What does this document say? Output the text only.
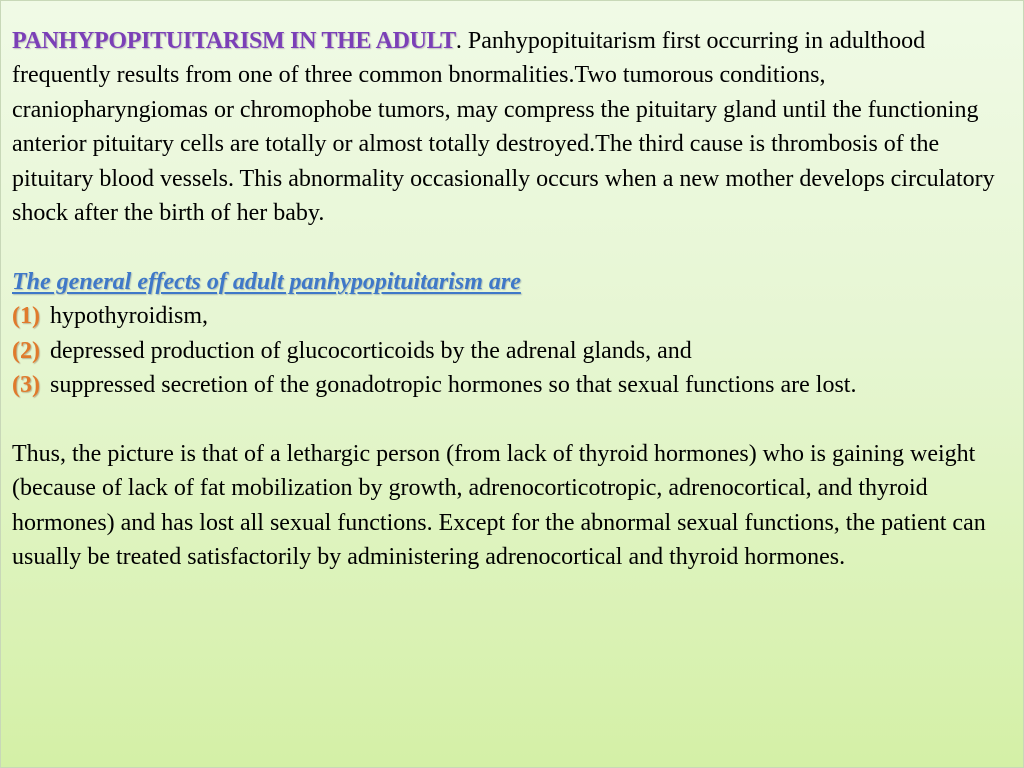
PANHYPOPITUITARISM IN THE ADULT. Panhypopituitarism first occurring in adulthood frequently results from one of three common bnormalities.Two tumorous conditions, craniopharyngiomas or chromophobe tumors, may compress the pituitary gland until the functioning anterior pituitary cells are totally or almost totally destroyed.The third cause is thrombosis of the pituitary blood vessels. This abnormality occasionally occurs when a new mother develops circulatory shock after the birth of her baby.

The general effects of adult panhypopituitarism are

(1) hypothyroidism,

(2) depressed production of glucocorticoids by the adrenal glands, and

(3) suppressed secretion of the gonadotropic hormones so that sexual functions are lost.

Thus, the picture is that of a lethargic person (from lack of thyroid hormones) who is gaining weight (because of lack of fat mobilization by growth, adrenocorticotropic, adrenocortical, and thyroid hormones) and has lost all sexual functions. Except for the abnormal sexual functions, the patient can usually be treated satisfactorily by administering adrenocortical and thyroid hormones.
